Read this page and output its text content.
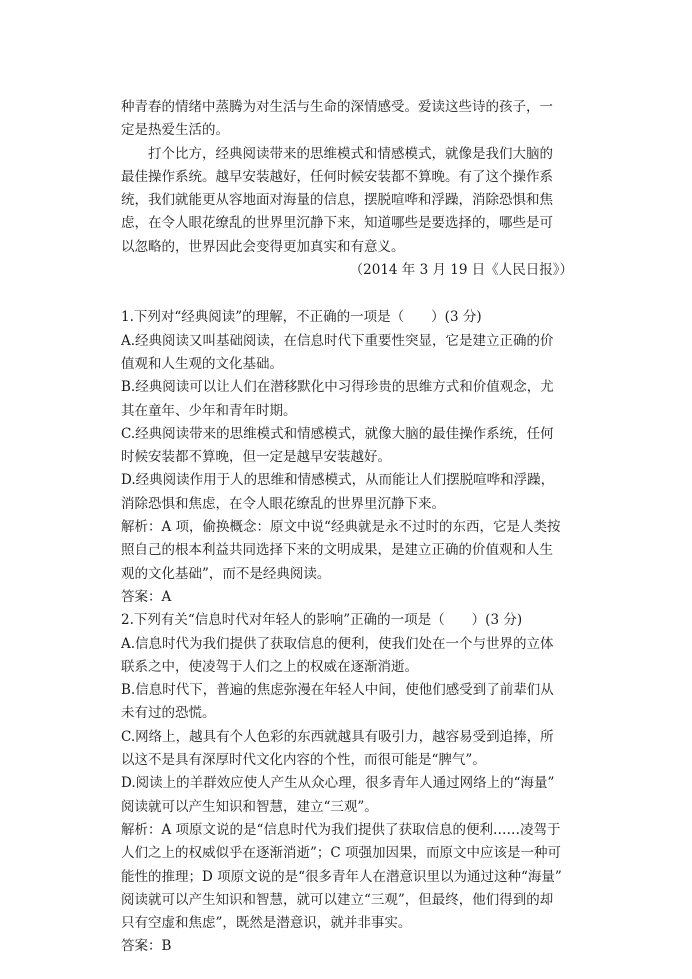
种青春的情绪中蒸腾为对生活与生命的深情感受。爱读这些诗的孩子，一
定是热爱生活的。
打个比方，经典阅读带来的思维模式和情感模式，就像是我们大脑的
最佳操作系统。越早安装越好，任何时候安装都不算晚。有了这个操作系
统，我们就能更从容地面对海量的信息，摆脱喧哗和浮躁，消除恐惧和焦
虑，在令人眼花缭乱的世界里沉静下来，知道哪些是要选择的，哪些是可
以忽略的，世界因此会变得更加真实和有意义。
（2014 年 3 月 19 日《人民日报》）
1.下列对“经典阅读”的理解，不正确的一项是（　　）(3 分)
A.经典阅读又叫基础阅读，在信息时代下重要性突显，它是建立正确的价
值观和人生观的文化基础。
B.经典阅读可以让人们在潜移默化中习得珍贵的思维方式和价值观念，尤
其在童年、少年和青年时期。
C.经典阅读带来的思维模式和情感模式，就像大脑的最佳操作系统，任何
时候安装都不算晚，但一定是越早安装越好。
D.经典阅读作用于人的思维和情感模式，从而能让人们摆脱喧哗和浮躁，
消除恐惧和焦虑，在令人眼花缭乱的世界里沉静下来。
解析：A 项，偷换概念：原文中说“经典就是永不过时的东西，它是人类按
照自己的根本利益共同选择下来的文明成果，是建立正确的价值观和人生
观的文化基础”，而不是经典阅读。
答案：A
2.下列有关“信息时代对年轻人的影响”正确的一项是（　　）(3 分)
A.信息时代为我们提供了获取信息的便利，使我们处在一个与世界的立体
联系之中，使凌驾于人们之上的权威在逐渐消逝。
B.信息时代下，普遍的焦虑弥漫在年轻人中间，使他们感受到了前辈们从
未有过的恐慌。
C.网络上，越具有个人色彩的东西就越具有吸引力，越容易受到追捧，所
以这不是具有深厚时代文化内容的个性，而很可能是“脾气”。
D.阅读上的羊群效应使人产生从众心理，很多青年人通过网络上的“海量”
阅读就可以产生知识和智慧，建立“三观”。
解析：A 项原文说的是“信息时代为我们提供了获取信息的便利……凌驾于
人们之上的权威似乎在逐渐消逝”；C 项强加因果，而原文中应该是一种可
能性的推理；D 项原文说的是“很多青年人在潜意识里以为通过这种“海量”
阅读就可以产生知识和智慧，就可以建立“三观”，但最终，他们得到的却
只有空虚和焦虑”，既然是潜意识，就并非事实。
答案：B
